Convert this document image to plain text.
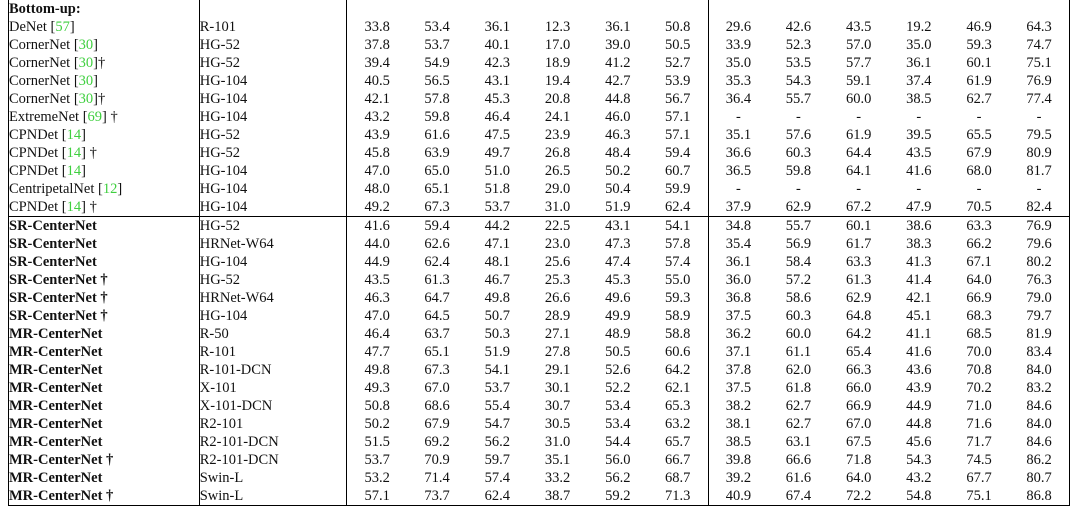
Bottom-up:													
DeNet [57]	R-101	33.8	53.4	36.1	12.3	36.1	50.8	29.6	42.6	43.5	19.2	46.9	64.3
CornerNet [30]	HG-52	37.8	53.7	40.1	17.0	39.0	50.5	33.9	52.3	57.0	35.0	59.3	74.7
CornerNet [30]†	HG-52	39.4	54.9	42.3	18.9	41.2	52.7	35.0	53.5	57.7	36.1	60.1	75.1
CornerNet [30]	HG-104	40.5	56.5	43.1	19.4	42.7	53.9	35.3	54.3	59.1	37.4	61.9	76.9
CornerNet [30]†	HG-104	42.1	57.8	45.3	20.8	44.8	56.7	36.4	55.7	60.0	38.5	62.7	77.4
ExtremeNet [69] †	HG-104	43.2	59.8	46.4	24.1	46.0	57.1	-	-	-	-	-	-
CPNDet [14]	HG-52	43.9	61.6	47.5	23.9	46.3	57.1	35.1	57.6	61.9	39.5	65.5	79.5
CPNDet [14] †	HG-52	45.8	63.9	49.7	26.8	48.4	59.4	36.6	60.3	64.4	43.5	67.9	80.9
CPNDet [14]	HG-104	47.0	65.0	51.0	26.5	50.2	60.7	36.5	59.8	64.1	41.6	68.0	81.7
CentripetalNet [12]	HG-104	48.0	65.1	51.8	29.0	50.4	59.9	-	-	-	-	-	-
CPNDet [14] †	HG-104	49.2	67.3	53.7	31.0	51.9	62.4	37.9	62.9	67.2	47.9	70.5	82.4
SR-CenterNet	HG-52	41.6	59.4	44.2	22.5	43.1	54.1	34.8	55.7	60.1	38.6	63.3	76.9
SR-CenterNet	HRNet-W64	44.0	62.6	47.1	23.0	47.3	57.8	35.4	56.9	61.7	38.3	66.2	79.6
SR-CenterNet	HG-104	44.9	62.4	48.1	25.6	47.4	57.4	36.1	58.4	63.3	41.3	67.1	80.2
SR-CenterNet †	HG-52	43.5	61.3	46.7	25.3	45.3	55.0	36.0	57.2	61.3	41.4	64.0	76.3
SR-CenterNet †	HRNet-W64	46.3	64.7	49.8	26.6	49.6	59.3	36.8	58.6	62.9	42.1	66.9	79.0
SR-CenterNet †	HG-104	47.0	64.5	50.7	28.9	49.9	58.9	37.5	60.3	64.8	45.1	68.3	79.7
MR-CenterNet	R-50	46.4	63.7	50.3	27.1	48.9	58.8	36.2	60.0	64.2	41.1	68.5	81.9
MR-CenterNet	R-101	47.7	65.1	51.9	27.8	50.5	60.6	37.1	61.1	65.4	41.6	70.0	83.4
MR-CenterNet	R-101-DCN	49.8	67.3	54.1	29.1	52.6	64.2	37.8	62.0	66.3	43.6	70.8	84.0
MR-CenterNet	X-101	49.3	67.0	53.7	30.1	52.2	62.1	37.5	61.8	66.0	43.9	70.2	83.2
MR-CenterNet	X-101-DCN	50.8	68.6	55.4	30.7	53.4	65.3	38.2	62.7	66.9	44.9	71.0	84.6
MR-CenterNet	R2-101	50.2	67.9	54.7	30.5	53.4	63.2	38.1	62.7	67.0	44.8	71.6	84.0
MR-CenterNet	R2-101-DCN	51.5	69.2	56.2	31.0	54.4	65.7	38.5	63.1	67.5	45.6	71.7	84.6
MR-CenterNet †	R2-101-DCN	53.7	70.9	59.7	35.1	56.0	66.7	39.8	66.6	71.8	54.3	74.5	86.2
MR-CenterNet	Swin-L	53.2	71.4	57.4	33.2	56.2	68.7	39.2	61.6	64.0	43.2	67.7	80.7
MR-CenterNet †	Swin-L	57.1	73.7	62.4	38.7	59.2	71.3	40.9	67.4	72.2	54.8	75.1	86.8
